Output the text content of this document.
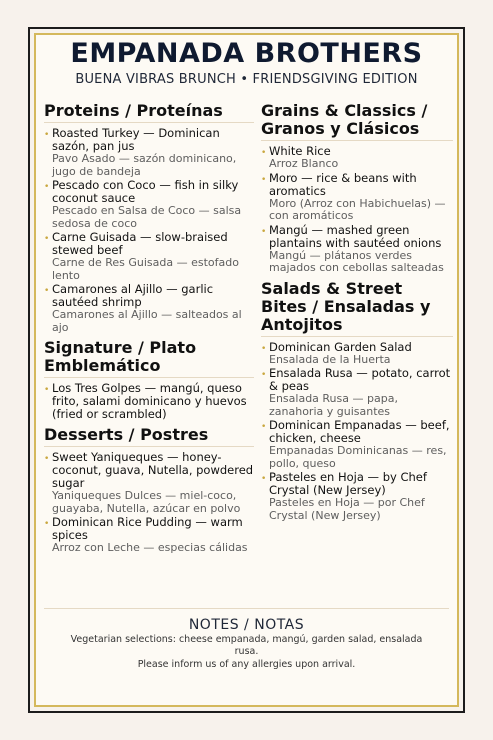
EMPANADA BROTHERS
BUENA VIBRAS BRUNCH • FRIENDSGIVING EDITION
Proteins / Proteínas
• Roasted Turkey — Dominican sazón, pan jus
Pavo Asado — sazón dominicano, jugo de bandeja
• Pescado con Coco — fish in silky coconut sauce
Pescado en Salsa de Coco — salsa sedosa de coco
• Carne Guisada — slow-braised stewed beef
Carne de Res Guisada — estofado lento
• Camarones al Ajillo — garlic sautéed shrimp
Camarones al Ajillo — salteados al ajo
Signature / Plato Emblemático
• Los Tres Golpes — mangú, queso frito, salami dominicano y huevos (fried or scrambled)
Desserts / Postres
• Sweet Yaniqueques — honey-coconut, guava, Nutella, powdered sugar
Yaniqueques Dulces — miel-coco, guayaba, Nutella, azúcar en polvo
• Dominican Rice Pudding — warm spices
Arroz con Leche — especias cálidas
Grains & Classics / Granos y Clásicos
• White Rice
Arroz Blanco
• Moro — rice & beans with aromatics
Moro (Arroz con Habichuelas) — con aromáticos
• Mangú — mashed green plantains with sautéed onions
Mangú — plátanos verdes majados con cebollas salteadas
Salads & Street Bites / Ensaladas y Antojitos
• Dominican Garden Salad
Ensalada de la Huerta
• Ensalada Rusa — potato, carrot & peas
Ensalada Rusa — papa, zanahoria y guisantes
• Dominican Empanadas — beef, chicken, cheese
Empanadas Dominicanas — res, pollo, queso
• Pasteles en Hoja — by Chef Crystal (New Jersey)
Pasteles en Hoja — por Chef Crystal (New Jersey)
NOTES / NOTAS
Vegetarian selections: cheese empanada, mangú, garden salad, ensalada rusa.
Please inform us of any allergies upon arrival.
